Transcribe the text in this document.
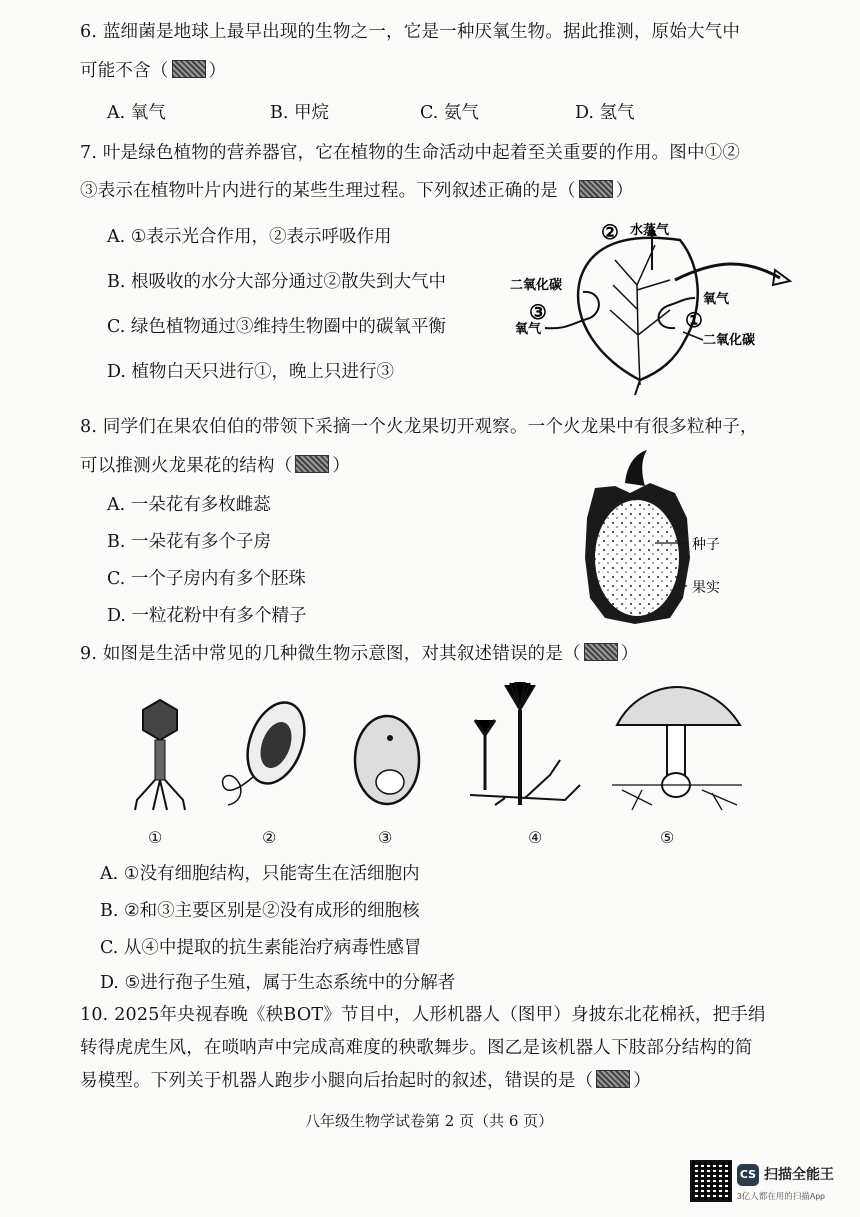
6. 蓝细菌是地球上最早出现的生物之一，它是一种厌氧生物。据此推测，原始大气中
可能不含（ ）
A. 氧气	B. 甲烷	C. 氨气	D. 氢气
7. 叶是绿色植物的营养器官，它在植物的生命活动中起着至关重要的作用。图中①②
③表示在植物叶片内进行的某些生理过程。下列叙述正确的是（ ）
A. ①表示光合作用，②表示呼吸作用
B. 根吸收的水分大部分通过②散失到大气中
C. 绿色植物通过③维持生物圈中的碳氧平衡
D. 植物白天只进行①，晚上只进行③
② 水蒸气
二氧化碳
③
氧气
氧气
①
二氧化碳
8. 同学们在果农伯伯的带领下采摘一个火龙果切开观察。一个火龙果中有很多粒种子，
可以推测火龙果花的结构（ ）
A. 一朵花有多枚雌蕊
B. 一朵花有多个子房
C. 一个子房内有多个胚珠
D. 一粒花粉中有多个精子
种子
果实
9. 如图是生活中常见的几种微生物示意图，对其叙述错误的是（ ）
①	②	③	④	⑤
A. ①没有细胞结构，只能寄生在活细胞内
B. ②和③主要区别是②没有成形的细胞核
C. 从④中提取的抗生素能治疗病毒性感冒
D. ⑤进行孢子生殖，属于生态系统中的分解者
10. 2025年央视春晚《秧BOT》节目中，人形机器人（图甲）身披东北花棉袄，把手绢
转得虎虎生风，在唢呐声中完成高难度的秧歌舞步。图乙是该机器人下肢部分结构的简
易模型。下列关于机器人跑步小腿向后抬起时的叙述，错误的是（ ）
八年级生物学试卷第 2 页（共 6 页）
CS 扫描全能王
3亿人都在用的扫描App
